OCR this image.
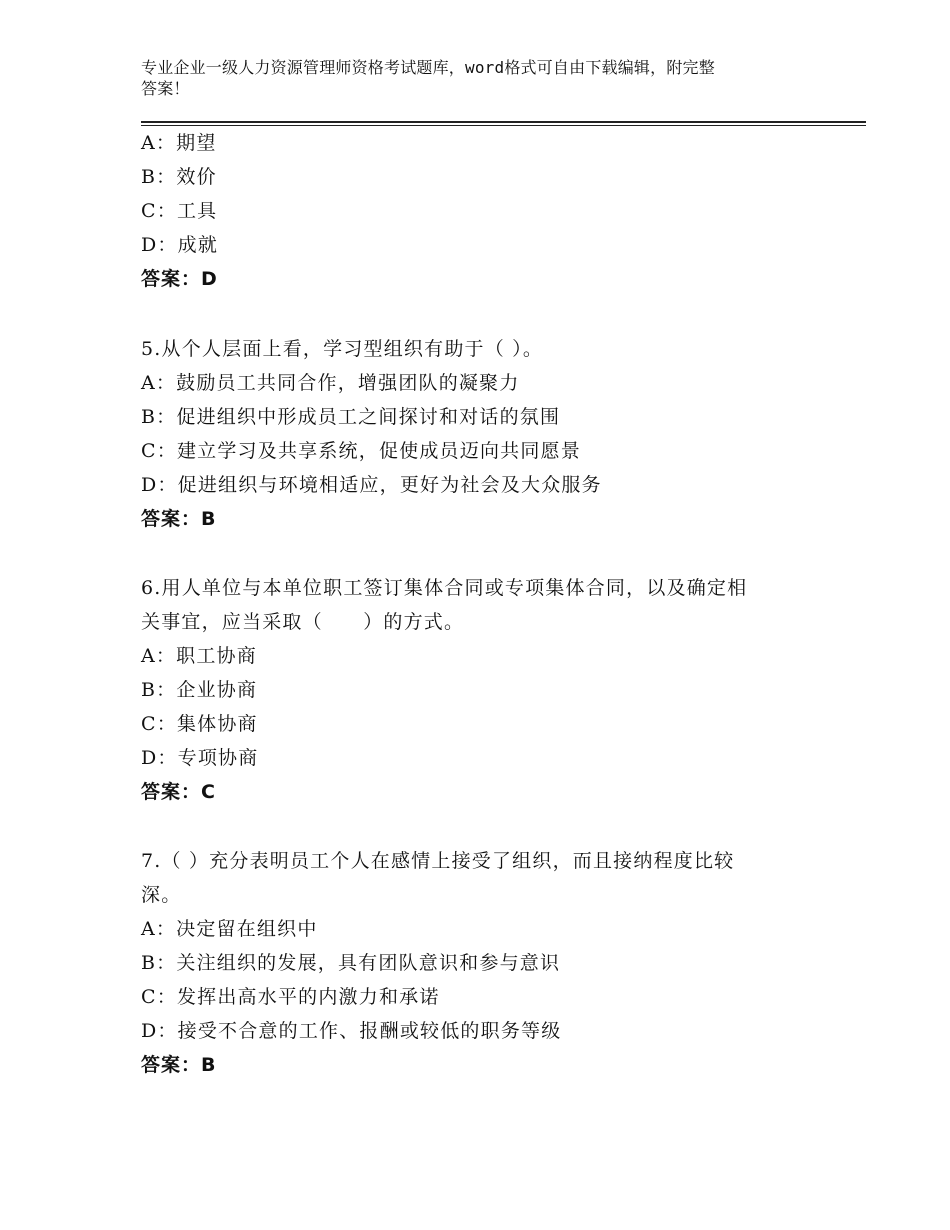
专业企业一级人力资源管理师资格考试题库，word格式可自由下载编辑，附完整
答案！
A：期望
B：效价
C：工具
D：成就
答案：D
5.从个人层面上看，学习型组织有助于（ ）。
A：鼓励员工共同合作，增强团队的凝聚力
B：促进组织中形成员工之间探讨和对话的氛围
C：建立学习及共享系统，促使成员迈向共同愿景
D：促进组织与环境相适应，更好为社会及大众服务
答案：B
6.用人单位与本单位职工签订集体合同或专项集体合同，以及确定相
关事宜，应当采取（　　）的方式。
A：职工协商
B：企业协商
C：集体协商
D：专项协商
答案：C
7.（ ）充分表明员工个人在感情上接受了组织，而且接纳程度比较
深。
A：决定留在组织中
B：关注组织的发展，具有团队意识和参与意识
C：发挥出高水平的内激力和承诺
D：接受不合意的工作、报酬或较低的职务等级
答案：B
